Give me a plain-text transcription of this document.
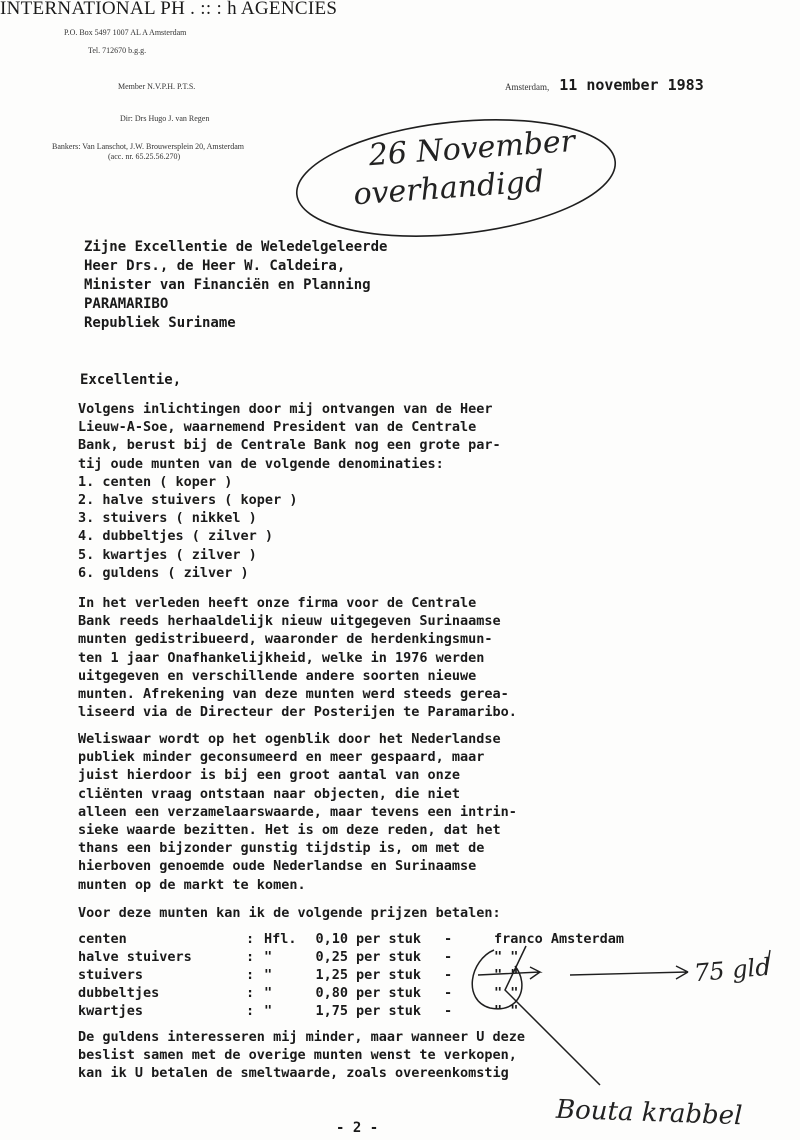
INTERNATIONAL PH . :: : h AGENCIES
P.O. Box 5497 1007 AL A Amsterdam
Tel. 712670 b.g.g.
Member N.V.P.H. P.T.S.
Dir: Drs Hugo J. van Regen
Bankers: Van Lanschot, J.W. Brouwersplein 20, Amsterdam
(acc. nr. 65.25.56.270)
Amsterdam, 11 november 1983
26 November
overhandigd
Zijne Excellentie de Weledelgeleerde
Heer Drs., de Heer W. Caldeira,
Minister van Financiën en Planning
PARAMARIBO
Republiek Suriname
Excellentie,
Volgens inlichtingen door mij ontvangen van de Heer
Lieuw-A-Soe, waarnemend President van de Centrale
Bank, berust bij de Centrale Bank nog een grote par-
tij oude munten van de volgende denominaties:
1. centen ( koper )
2. halve stuivers ( koper )
3. stuivers ( nikkel )
4. dubbeltjes ( zilver )
5. kwartjes ( zilver )
6. guldens ( zilver )
In het verleden heeft onze firma voor de Centrale
Bank reeds herhaaldelijk nieuw uitgegeven Surinaamse
munten gedistribueerd, waaronder de herdenkingsmun-
ten 1 jaar Onafhankelijkheid, welke in 1976 werden
uitgegeven en verschillende andere soorten nieuwe
munten. Afrekening van deze munten werd steeds gerea-
liseerd via de Directeur der Posterijen te Paramaribo.
Weliswaar wordt op het ogenblik door het Nederlandse
publiek minder geconsumeerd en meer gespaard, maar
juist hierdoor is bij een groot aantal van onze
cliënten vraag ontstaan naar objecten, die niet
alleen een verzamelaarswaarde, maar tevens een intrin-
sieke waarde bezitten. Het is om deze reden, dat het
thans een bijzonder gunstig tijdstip is, om met de
hierboven genoemde oude Nederlandse en Surinaamse
munten op de markt te komen.
Voor deze munten kan ik de volgende prijzen betalen:
centen	: Hfl.	0,10 per stuk	-	franco Amsterdam
halve stuivers	: "	0,25 per stuk	-	" "
stuivers	: "	1,25 per stuk	-	" "
dubbeltjes	: "	0,80 per stuk	-	" "
kwartjes	: "	1,75 per stuk	-	" "
75 gld
De guldens interesseren mij minder, maar wanneer U deze
beslist samen met de overige munten wenst te verkopen,
kan ik U betalen de smeltwaarde, zoals overeenkomstig
Bouta krabbel
- 2 -
